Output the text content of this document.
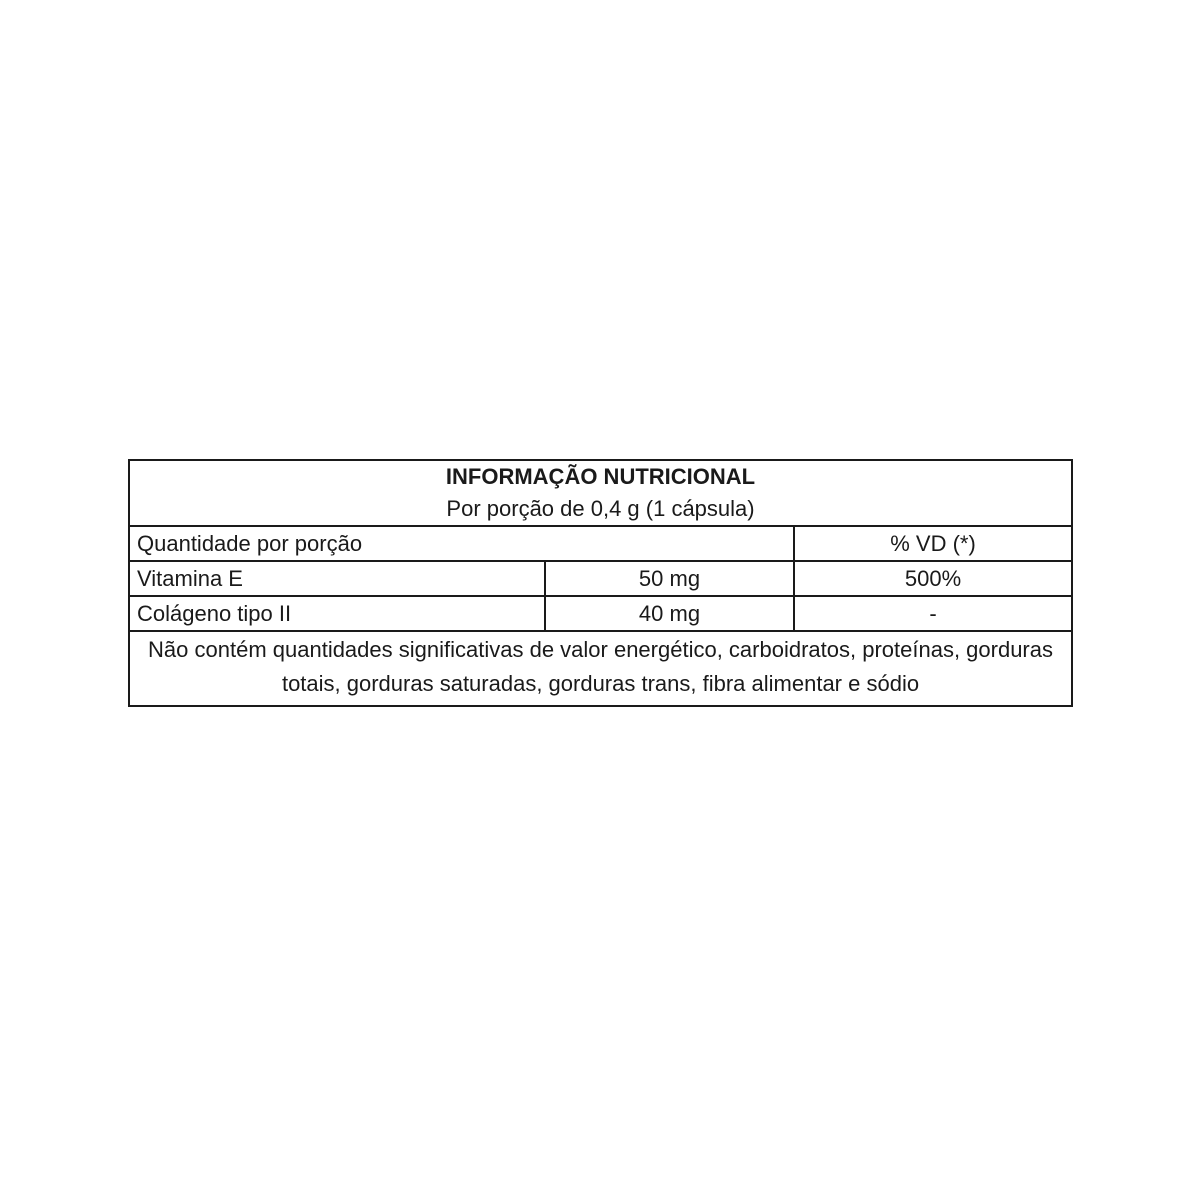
INFORMAÇÃO NUTRICIONAL		
Por porção de 0,4 g (1 cápsula)		
Quantidade por porção		% VD (*)
Vitamina E	50 mg	500%
Colágeno tipo II	40 mg	-
Não contém quantidades significativas de valor energético, carboidratos, proteínas, gorduras totais, gorduras saturadas, gorduras trans, fibra alimentar e sódio		
